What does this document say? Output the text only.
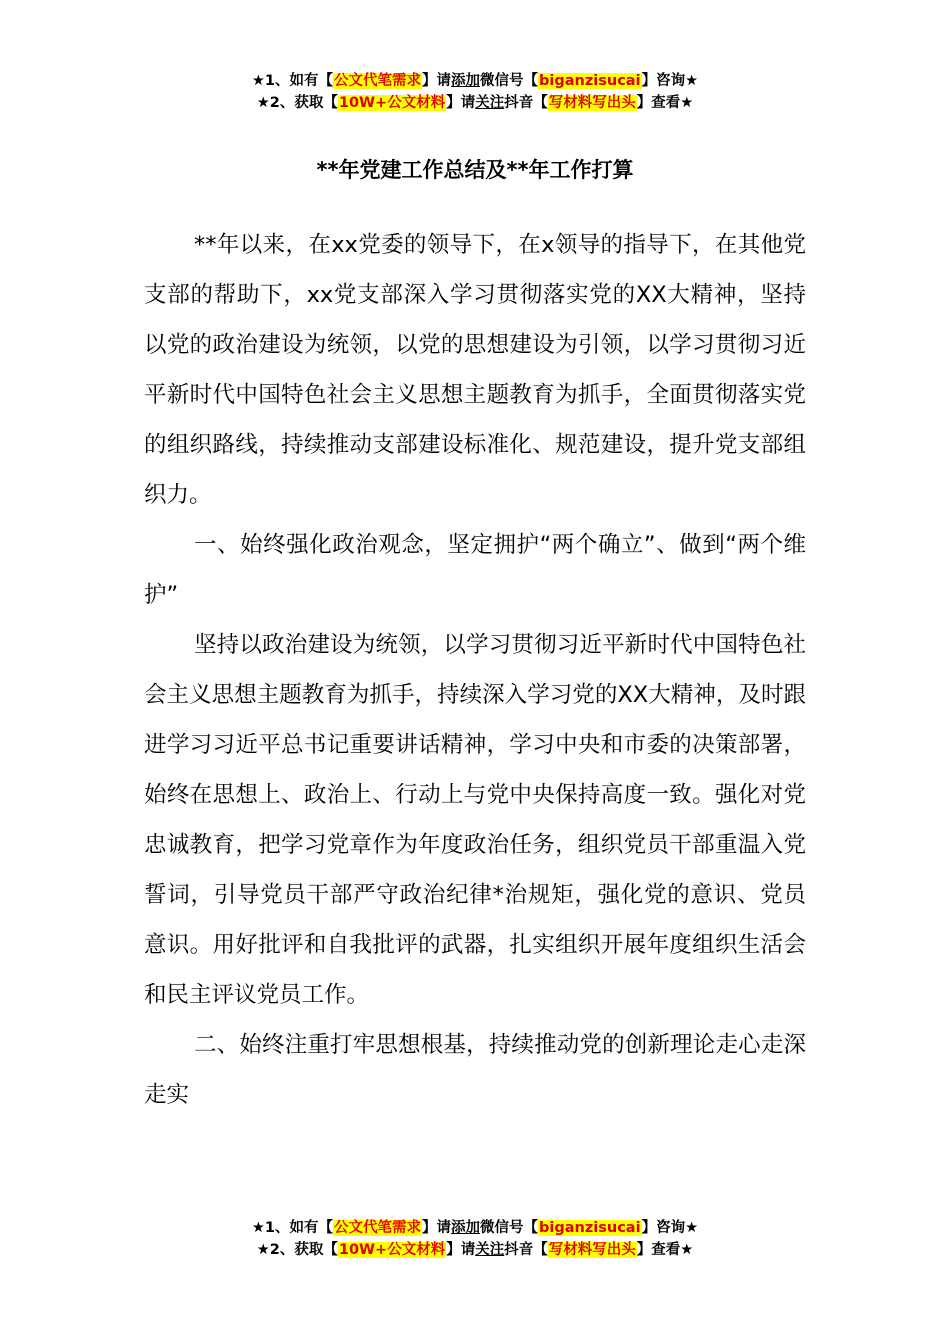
★1、如有【公文代笔需求】请添加微信号【biganzisucai】咨询★
★2、获取【10W+公文材料】请关注抖音【写材料写出头】查看★
**年党建工作总结及**年工作打算

**年以来，在xx党委的领导下，在x领导的指导下，在其他党支部的帮助下，xx党支部深入学习贯彻落实党的XX大精神，坚持以党的政治建设为统领，以党的思想建设为引领，以学习贯彻习近平新时代中国特色社会主义思想主题教育为抓手，全面贯彻落实党的组织路线，持续推动支部建设标准化、规范建设，提升党支部组织力。

一、始终强化政治观念，坚定拥护“两个确立”、做到“两个维护”

坚持以政治建设为统领，以学习贯彻习近平新时代中国特色社会主义思想主题教育为抓手，持续深入学习党的XX大精神，及时跟进学习习近平总书记重要讲话精神，学习中央和市委的决策部署，始终在思想上、政治上、行动上与党中央保持高度一致。强化对党忠诚教育，把学习党章作为年度政治任务，组织党员干部重温入党誓词，引导党员干部严守政治纪律*治规矩，强化党的意识、党员意识。用好批评和自我批评的武器，扎实组织开展年度组织生活会和民主评议党员工作。

二、始终注重打牢思想根基，持续推动党的创新理论走心走深走实

★1、如有【公文代笔需求】请添加微信号【biganzisucai】咨询★
★2、获取【10W+公文材料】请关注抖音【写材料写出头】查看★
